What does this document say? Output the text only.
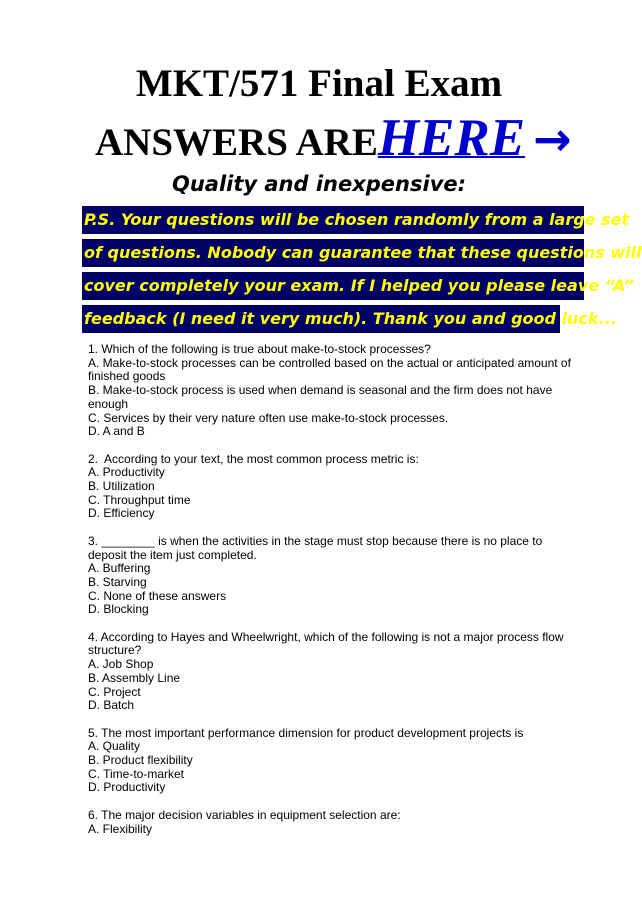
MKT/571 Final Exam
ANSWERS AREHERE →
Quality and inexpensive:
P.S. Your questions will be chosen randomly from a large set
of questions. Nobody can guarantee that these questions will
cover completely your exam. If I helped you please leave “A”
feedback (I need it very much). Thank you and good luck...
1. Which of the following is true about make-to-stock processes?
A. Make-to-stock processes can be controlled based on the actual or anticipated amount of finished goods
B. Make-to-stock process is used when demand is seasonal and the firm does not have enough
C. Services by their very nature often use make-to-stock processes.
D. A and B
2.  According to your text, the most common process metric is:
A. Productivity
B. Utilization
C. Throughput time
D. Efficiency
3. ________ is when the activities in the stage must stop because there is no place to deposit the item just completed.
A. Buffering
B. Starving
C. None of these answers
D. Blocking
4. According to Hayes and Wheelwright, which of the following is not a major process flow structure?
A. Job Shop
B. Assembly Line
C. Project
D. Batch
5. The most important performance dimension for product development projects is
A. Quality
B. Product flexibility
C. Time-to-market
D. Productivity
6. The major decision variables in equipment selection are:
A. Flexibility
